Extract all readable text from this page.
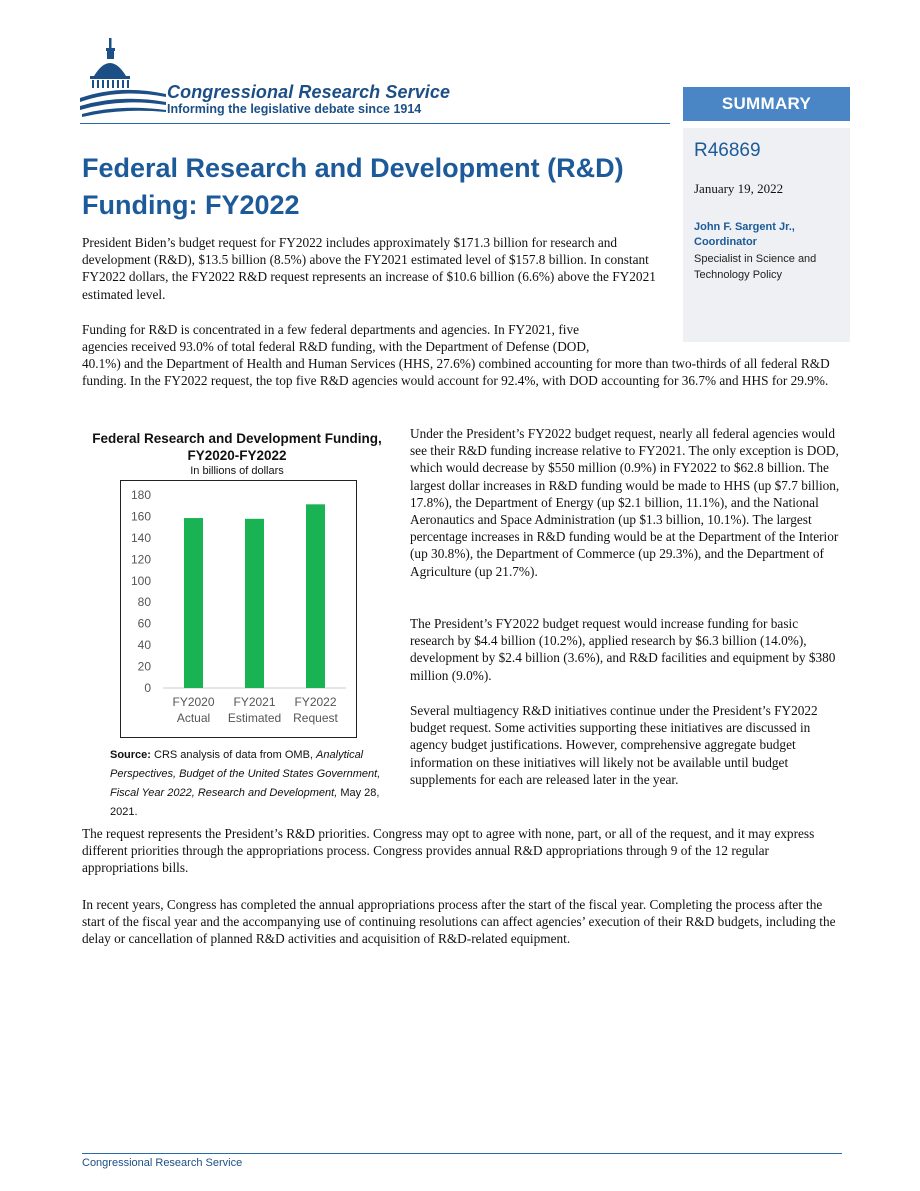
Congressional Research Service
Informing the legislative debate since 1914	SUMMARY
R46869
January 19, 2022
John F. Sargent Jr., Coordinator
Specialist in Science and Technology Policy
Federal Research and Development (R&D) Funding: FY2022
President Biden’s budget request for FY2022 includes approximately $171.3 billion for research and development (R&D), $13.5 billion (8.5%) above the FY2021 estimated level of $157.8 billion. In constant FY2022 dollars, the FY2022 R&D request represents an increase of $10.6 billion (6.6%) above the FY2021 estimated level.
Funding for R&D is concentrated in a few federal departments and agencies. In FY2021, five
agencies received 93.0% of total federal R&D funding, with the Department of Defense (DOD,
40.1%) and the Department of Health and Human Services (HHS, 27.6%) combined accounting for more than two-thirds of all federal R&D funding. In the FY2022 request, the top five R&D agencies would account for 92.4%, with DOD accounting for 36.7% and HHS for 29.9%.
Under the President’s FY2022 budget request, nearly all federal agencies would see their R&D funding increase relative to FY2021. The only exception is DOD, which would decrease by $550 million (0.9%) in FY2022 to $62.8 billion. The largest dollar increases in R&D funding would be made to HHS (up $7.7 billion, 17.8%), the Department of Energy (up $2.1 billion, 11.1%), and the National Aeronautics and Space Administration (up $1.3 billion, 10.1%). The largest percentage increases in R&D funding would be at the Department of the Interior (up 30.8%), the Department of Commerce (up 29.3%), and the Department of Agriculture (up 21.7%).
The President’s FY2022 budget request would increase funding for basic research by $4.4 billion (10.2%), applied research by $6.3 billion (14.0%), development by $2.4 billion (3.6%), and R&D facilities and equipment by $380 million (9.0%).
Several multiagency R&D initiatives continue under the President’s FY2022 budget request. Some activities supporting these initiatives are discussed in agency budget justifications. However, comprehensive aggregate budget information on these initiatives will likely not be available until budget supplements for each are released later in the year.
The request represents the President’s R&D priorities. Congress may opt to agree with none, part, or all of the request, and it may express different priorities through the appropriations process. Congress provides annual R&D appropriations through 9 of the 12 regular appropriations bills.
In recent years, Congress has completed the annual appropriations process after the start of the fiscal year. Completing the process after the start of the fiscal year and the accompanying use of continuing resolutions can affect agencies’ execution of their R&D budgets, including the delay or cancellation of planned R&D activities and acquisition of R&D-related equipment.
Federal Research and Development Funding, FY2020-FY2022
In billions of dollars
0
20
40
60
80
100
120
140
160
180
FY2020
Actual
FY2021
Estimated
FY2022
Request
Source: CRS analysis of data from OMB, Analytical Perspectives, Budget of the United States Government, Fiscal Year 2022, Research and Development, May 28, 2021.
Congressional Research Service
